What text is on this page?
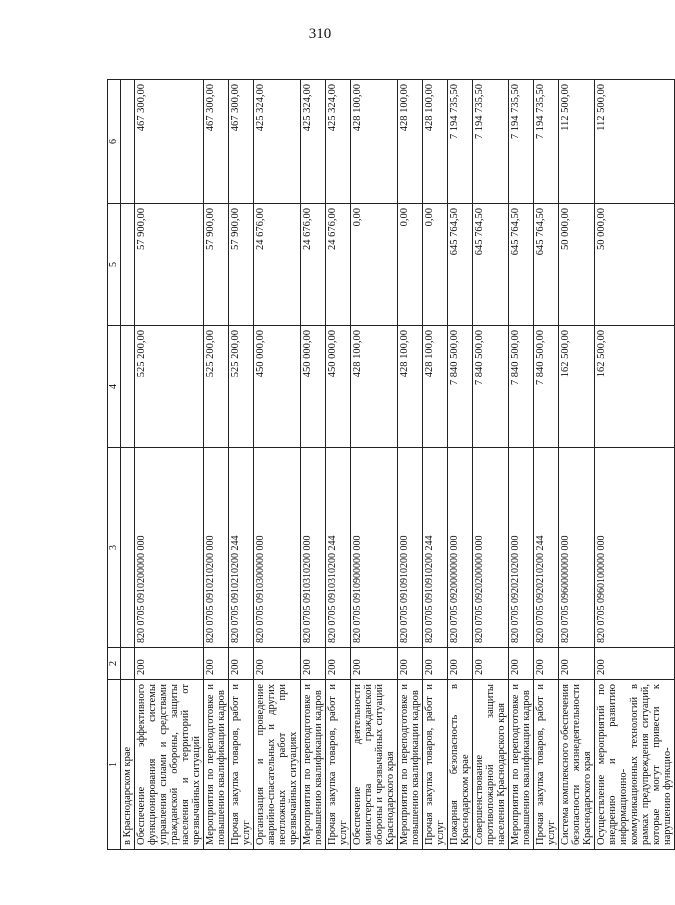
310
1	2	3	4	5	6
в Краснодарском крае					
Обеспечение эффективного функционирования системы управления силами и средствами гражданской обороны, защиты населения и территорий от чрезвычайных ситуаций	200	820 0705 0910200000 000	525 200,00	57 900,00	467 300,00
Мероприятия по переподготовке и повышению квалификации кадров	200	820 0705 0910210200 000	525 200,00	57 900,00	467 300,00
Прочая закупка товаров, работ и услуг	200	820 0705 0910210200 244	525 200,00	57 900,00	467 300,00
Организация и проведение аварийно-спасательных и других неотложных работ при чрезвычайных ситуациях	200	820 0705 0910300000 000	450 000,00	24 676,00	425 324,00
Мероприятия по переподготовке и повышению квалификации кадров	200	820 0705 0910310200 000	450 000,00	24 676,00	425 324,00
Прочая закупка товаров, работ и услуг	200	820 0705 0910310200 244	450 000,00	24 676,00	425 324,00
Обеспечение деятельности министерства гражданской обороны и чрезвычайных ситуаций Краснодарского края	200	820 0705 0910900000 000	428 100,00	0,00	428 100,00
Мероприятия по переподготовке и повышению квалификации кадров	200	820 0705 0910910200 000	428 100,00	0,00	428 100,00
Прочая закупка товаров, работ и услуг	200	820 0705 0910910200 244	428 100,00	0,00	428 100,00
Пожарная безопасность в Краснодарском крае	200	820 0705 0920000000 000	7 840 500,00	645 764,50	7 194 735,50
Совершенствование противопожарной защиты населения Краснодарского края	200	820 0705 0920200000 000	7 840 500,00	645 764,50	7 194 735,50
Мероприятия по переподготовке и повышению квалификации кадров	200	820 0705 0920210200 000	7 840 500,00	645 764,50	7 194 735,50
Прочая закупка товаров, работ и услуг	200	820 0705 0920210200 244	7 840 500,00	645 764,50	7 194 735,50
Система комплексного обеспечения безопасности жизнедеятельности Краснодарского края	200	820 0705 0960000000 000	162 500,00	50 000,00	112 500,00
Осуществление мероприятий по внедрению и развитию информационно-коммуникационных технологий в рамках предупреждения ситуаций, которые могут привести к нарушению функцио-	200	820 0705 0960100000 000	162 500,00	50 000,00	112 500,00
